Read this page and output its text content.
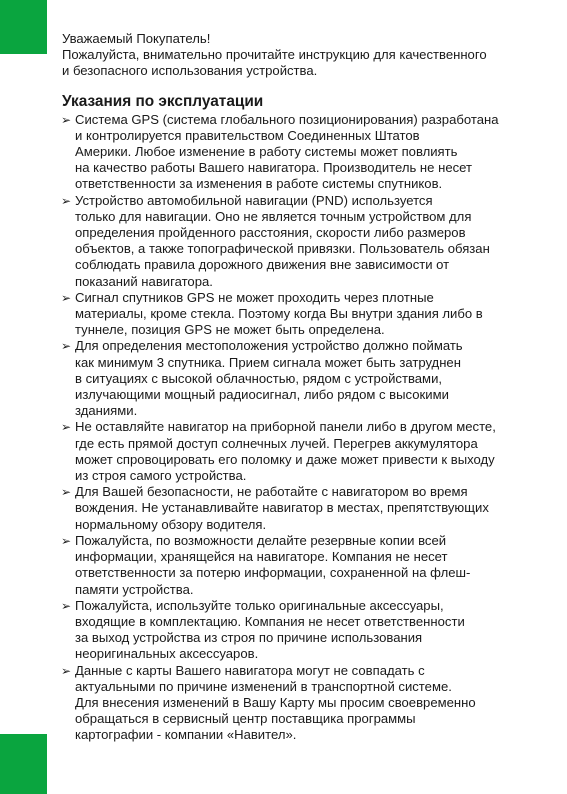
Уважаемый Покупатель!

Пожалуйста, внимательно прочитайте инструкцию для качественного

и безопасного использования устройства.

Указания по эксплуатации
➢ Система GPS (система глобального позиционирования) разработана
и контролируется правительством Соединенных Штатов
Америки. Любое изменение в работу системы может повлиять
на качество работы Вашего навигатора. Производитель не несет
ответственности за изменения в работе системы спутников.
➢ Устройство автомобильной навигации (PND) используется
только для навигации. Оно не является точным устройством для
определения пройденного расстояния, скорости либо размеров
объектов, а также топографической привязки. Пользователь обязан
соблюдать правила дорожного движения вне зависимости от
показаний навигатора.
➢ Сигнал спутников GPS не может проходить через плотные
материалы, кроме стекла. Поэтому когда Вы внутри здания либо в
туннеле, позиция GPS не может быть определена.
➢ Для определения местоположения устройство должно поймать
как минимум 3 спутника. Прием сигнала может быть затруднен
в ситуациях с высокой облачностью, рядом с устройствами,
излучающими мощный радиосигнал, либо рядом с высокими
зданиями.
➢ Не оставляйте навигатор на приборной панели либо в другом месте,
где есть прямой доступ солнечных лучей. Перегрев аккумулятора
может спровоцировать его поломку и даже может привести к выходу
из строя самого устройства.
➢ Для Вашей безопасности, не работайте с навигатором во время
вождения. Не устанавливайте навигатор в местах, препятствующих
нормальному обзору водителя.
➢ Пожалуйста, по возможности делайте резервные копии всей
информации, хранящейся на навигаторе. Компания не несет
ответственности за потерю информации, сохраненной на флеш-
памяти устройства.
➢ Пожалуйста, используйте только оригинальные аксессуары,
входящие в комплектацию. Компания не несет ответственности
за выход устройства из строя по причине использования
неоригинальных аксессуаров.
➢ Данные с карты Вашего навигатора могут не совпадать с
актуальными по причине изменений в транспортной системе.
Для внесения изменений в Вашу Карту мы просим своевременно
обращаться в сервисный центр поставщика программы
картографии - компании «Навител».
